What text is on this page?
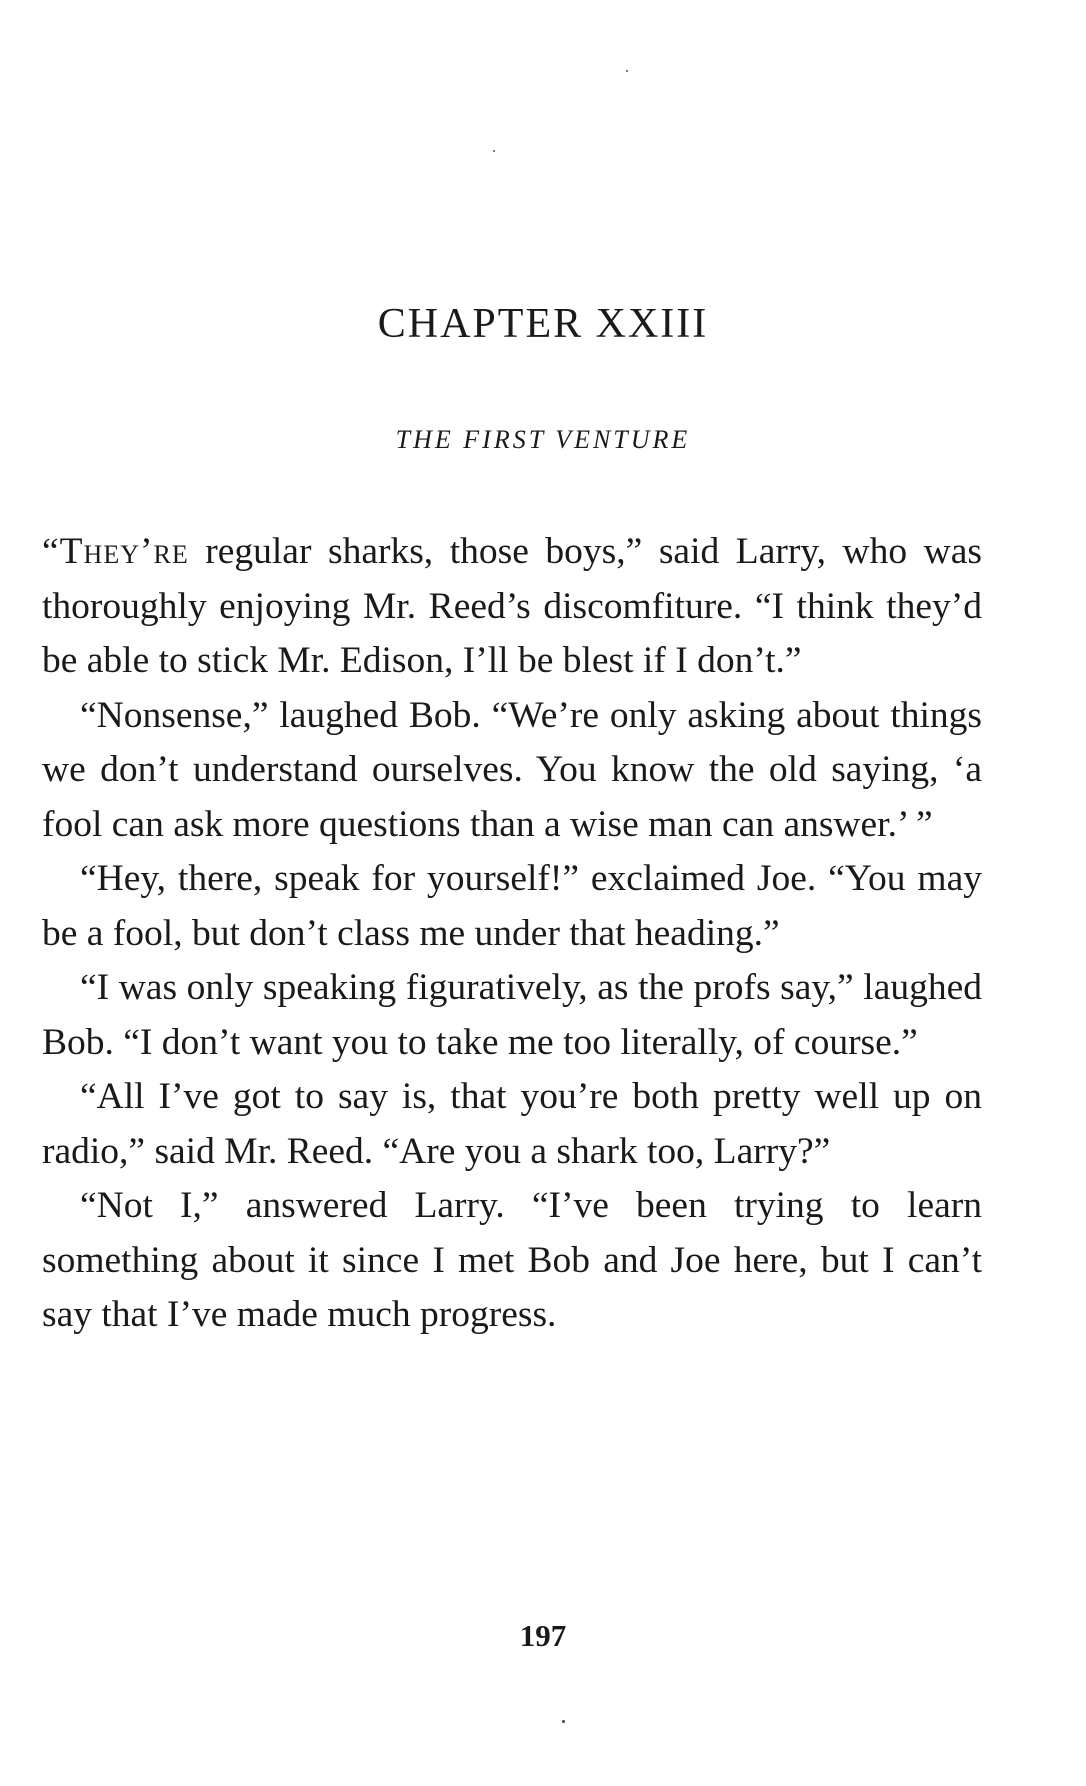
CHAPTER XXIII
THE FIRST VENTURE

“They’re regular sharks, those boys,” said Larry, who was thoroughly enjoying Mr. Reed’s discomfiture. “I think they’d be able to stick Mr. Edison, I’ll be blest if I don’t.”

“Nonsense,” laughed Bob. “We’re only asking about things we don’t understand ourselves. You know the old saying, ‘a fool can ask more questions than a wise man can answer.’ ”

“Hey, there, speak for yourself!” exclaimed Joe. “You may be a fool, but don’t class me under that heading.”

“I was only speaking figuratively, as the profs say,” laughed Bob. “I don’t want you to take me too literally, of course.”

“All I’ve got to say is, that you’re both pretty well up on radio,” said Mr. Reed. “Are you a shark too, Larry?”

“Not I,” answered Larry. “I’ve been trying to learn something about it since I met Bob and Joe here, but I can’t say that I’ve made much progress.

197
